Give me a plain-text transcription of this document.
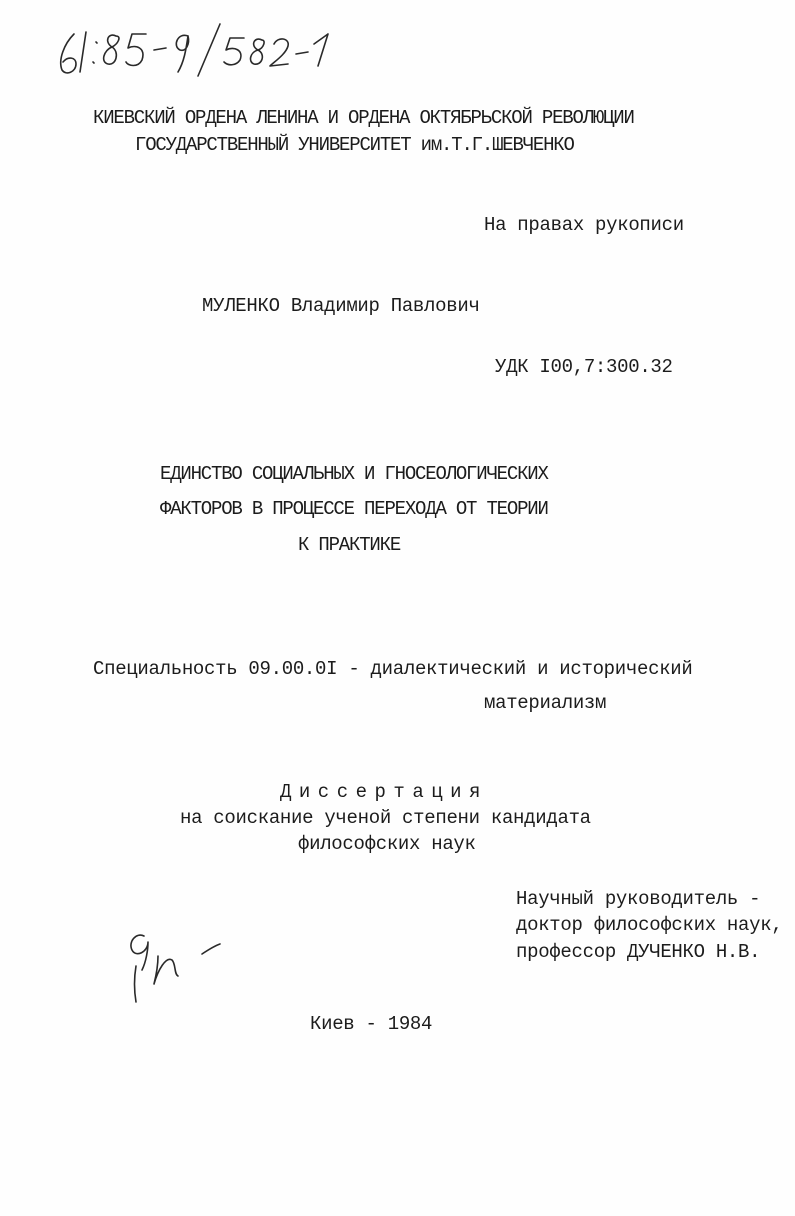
КИЕВСКИЙ ОРДЕНА ЛЕНИНА И ОРДЕНА ОКТЯБРЬСКОЙ РЕВОЛЮЦИИ
ГОСУДАРСТВЕННЫЙ УНИВЕРСИТЕТ им.Т.Г.ШЕВЧЕНКО
На правах рукописи
МУЛЕНКО Владимир Павлович
УДК I00,7:300.32
ЕДИНСТВО СОЦИАЛЬНЫХ И ГНОСЕОЛОГИЧЕСКИХ
ФАКТОРОВ В ПРОЦЕССЕ ПЕРЕХОДА ОТ ТЕОРИИ
К ПРАКТИКЕ
Специальность 09.00.0I - диалектический и исторический
материализм
Диссертация
на соискание ученой степени кандидата
философских наук
Научный руководитель -
доктор философских наук,
профессор ДУЧЕНКО Н.В.
Киев - 1984
